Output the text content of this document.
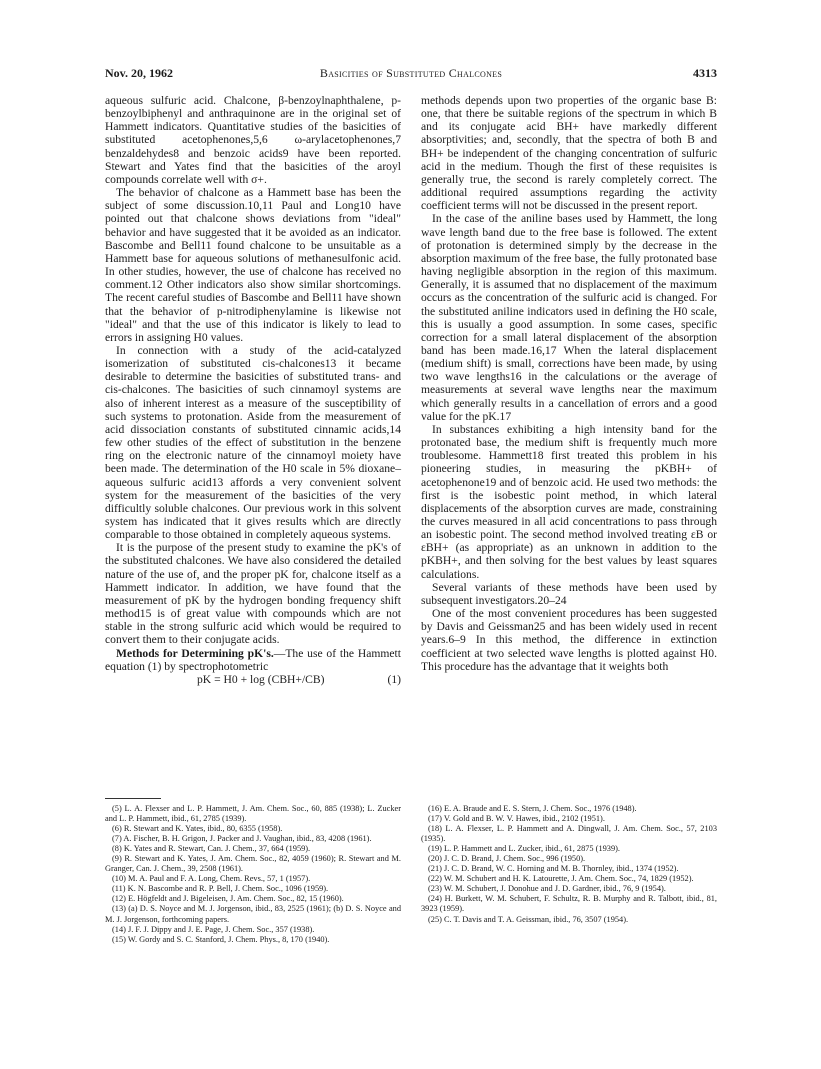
Nov. 20, 1962	Basicities of Substituted Chalcones	4313

aqueous sulfuric acid. Chalcone, β-benzoylnaphthalene, p-benzoylbiphenyl and anthraquinone are in the original set of Hammett indicators. Quantitative studies of the basicities of substituted acetophenones,5,6 ω-arylacetophenones,7 benzaldehydes8 and benzoic acids9 have been reported. Stewart and Yates find that the basicities of the aroyl compounds correlate well with σ+.

The behavior of chalcone as a Hammett base has been the subject of some discussion.10,11 Paul and Long10 have pointed out that chalcone shows deviations from "ideal" behavior and have suggested that it be avoided as an indicator. Bascombe and Bell11 found chalcone to be unsuitable as a Hammett base for aqueous solutions of methanesulfonic acid. In other studies, however, the use of chalcone has received no comment.12 Other indicators also show similar shortcomings. The recent careful studies of Bascombe and Bell11 have shown that the behavior of p-nitrodiphenylamine is likewise not "ideal" and that the use of this indicator is likely to lead to errors in assigning H0 values.

In connection with a study of the acid-catalyzed isomerization of substituted cis-chalcones13 it became desirable to determine the basicities of substituted trans- and cis-chalcones. The basicities of such cinnamoyl systems are also of inherent interest as a measure of the susceptibility of such systems to protonation. Aside from the measurement of acid dissociation constants of substituted cinnamic acids,14 few other studies of the effect of substitution in the benzene ring on the electronic nature of the cinnamoyl moiety have been made. The determination of the H0 scale in 5% dioxane–aqueous sulfuric acid13 affords a very convenient solvent system for the measurement of the basicities of the very difficultly soluble chalcones. Our previous work in this solvent system has indicated that it gives results which are directly comparable to those obtained in completely aqueous systems.

It is the purpose of the present study to examine the pK's of the substituted chalcones. We have also considered the detailed nature of the use of, and the proper pK for, chalcone itself as a Hammett indicator. In addition, we have found that the measurement of pK by the hydrogen bonding frequency shift method15 is of great value with compounds which are not stable in the strong sulfuric acid which would be required to convert them to their conjugate acids.

Methods for Determining pK's.—The use of the Hammett equation (1) by spectrophotometric

pK = H0 + log (CBH+/CB)	(1)

methods depends upon two properties of the organic base B: one, that there be suitable regions of the spectrum in which B and its conjugate acid BH+ have markedly different absorptivities; and, secondly, that the spectra of both B and BH+ be independent of the changing concentration of sulfuric acid in the medium. Though the first of these requisites is generally true, the second is rarely completely correct. The additional required assumptions regarding the activity coefficient terms will not be discussed in the present report.

In the case of the aniline bases used by Hammett, the long wave length band due to the free base is followed. The extent of protonation is determined simply by the decrease in the absorption maximum of the free base, the fully protonated base having negligible absorption in the region of this maximum. Generally, it is assumed that no displacement of the maximum occurs as the concentration of the sulfuric acid is changed. For the substituted aniline indicators used in defining the H0 scale, this is usually a good assumption. In some cases, specific correction for a small lateral displacement of the absorption band has been made.16,17 When the lateral displacement (medium shift) is small, corrections have been made, by using two wave lengths16 in the calculations or the average of measurements at several wave lengths near the maximum which generally results in a cancellation of errors and a good value for the pK.17

In substances exhibiting a high intensity band for the protonated base, the medium shift is frequently much more troublesome. Hammett18 first treated this problem in his pioneering studies, in measuring the pKBH+ of acetophenone19 and of benzoic acid. He used two methods: the first is the isobestic point method, in which lateral displacements of the absorption curves are made, constraining the curves measured in all acid concentrations to pass through an isobestic point. The second method involved treating εB or εBH+ (as appropriate) as an unknown in addition to the pKBH+, and then solving for the best values by least squares calculations.

Several variants of these methods have been used by subsequent investigators.20–24

One of the most convenient procedures has been suggested by Davis and Geissman25 and has been widely used in recent years.6–9 In this method, the difference in extinction coefficient at two selected wave lengths is plotted against H0. This procedure has the advantage that it weights both

(5) L. A. Flexser and L. P. Hammett, J. Am. Chem. Soc., 60, 885 (1938); L. Zucker and L. P. Hammett, ibid., 61, 2785 (1939).
(6) R. Stewart and K. Yates, ibid., 80, 6355 (1958).
(7) A. Fischer, B. H. Grigon, J. Packer and J. Vaughan, ibid., 83, 4208 (1961).
(8) K. Yates and R. Stewart, Can. J. Chem., 37, 664 (1959).
(9) R. Stewart and K. Yates, J. Am. Chem. Soc., 82, 4059 (1960); R. Stewart and M. Granger, Can. J. Chem., 39, 2508 (1961).
(10) M. A. Paul and F. A. Long, Chem. Revs., 57, 1 (1957).
(11) K. N. Bascombe and R. P. Bell, J. Chem. Soc., 1096 (1959).
(12) E. Högfeldt and J. Bigeleisen, J. Am. Chem. Soc., 82, 15 (1960).
(13) (a) D. S. Noyce and M. J. Jorgenson, ibid., 83, 2525 (1961); (b) D. S. Noyce and M. J. Jorgenson, forthcoming papers.
(14) J. F. J. Dippy and J. E. Page, J. Chem. Soc., 357 (1938).
(15) W. Gordy and S. C. Stanford, J. Chem. Phys., 8, 170 (1940).
(16) E. A. Braude and E. S. Stern, J. Chem. Soc., 1976 (1948).
(17) V. Gold and B. W. V. Hawes, ibid., 2102 (1951).
(18) L. A. Flexser, L. P. Hammett and A. Dingwall, J. Am. Chem. Soc., 57, 2103 (1935).
(19) L. P. Hammett and L. Zucker, ibid., 61, 2875 (1939).
(20) J. C. D. Brand, J. Chem. Soc., 996 (1950).
(21) J. C. D. Brand, W. C. Horning and M. B. Thornley, ibid., 1374 (1952).
(22) W. M. Schubert and H. K. Latourette, J. Am. Chem. Soc., 74, 1829 (1952).
(23) W. M. Schubert, J. Donohue and J. D. Gardner, ibid., 76, 9 (1954).
(24) H. Burkett, W. M. Schubert, F. Schultz, R. B. Murphy and R. Talbott, ibid., 81, 3923 (1959).
(25) C. T. Davis and T. A. Geissman, ibid., 76, 3507 (1954).
